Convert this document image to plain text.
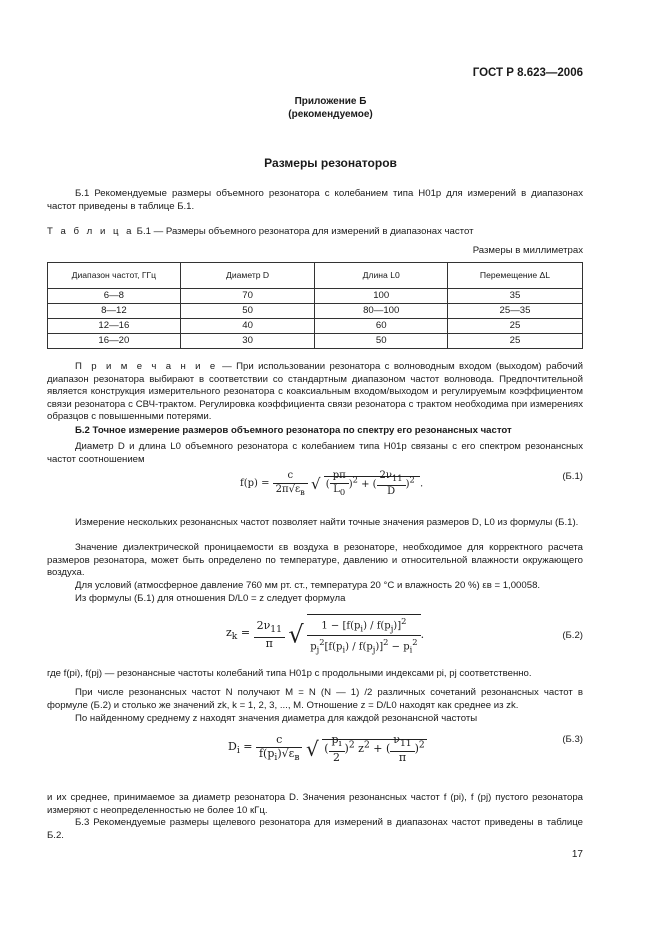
ГОСТ Р 8.623—2006
Приложение Б
(рекомендуемое)
Размеры резонаторов
Б.1 Рекомендуемые размеры объемного резонатора с колебанием типа H01p для измерений в диапазонах частот приведены в таблице Б.1.
Т а б л и ц а Б.1 — Размеры объемного резонатора для измерений в диапазонах частот
Размеры в миллиметрах
Диапазон частот, ГГц	Диаметр D	Длина L0	Перемещение ΔL
6—8	70	100	35
8—12	50	80—100	25—35
12—16	40	60	25
16—20	30	50	25
П р и м е ч а н и е — При использовании резонатора с волноводным входом (выходом) рабочий диапазон резонатора выбирают в соответствии со стандартным диапазоном частот волновода. Предпочтительной является конструкция измерительного резонатора с коаксиальным входом/выходом и регулируемым коэффициентом связи резонатора с СВЧ-трактом. Регулировка коэффициента связи резонатора с трактом необходима при измерениях образцов с повышенными потерями.
Б.2 Точное измерение размеров объемного резонатора по спектру его резонансных частот
Диаметр D и длина L0 объемного резонатора с колебанием типа H01p связаны с его спектром резонансных частот соотношением
$f(p) = \frac{c}{2\pi√\varepsilon_в}$ √ ( $\frac{p\pi}{L_0} )^2$ + ( $\frac{2\nu_{11}}{D} )^2$ .
(Б.1)
Измерение нескольких резонансных частот позволяет найти точные значения размеров D, L0 из формулы (Б.1).
Значение диэлектрической проницаемости εв воздуха в резонаторе, необходимое для корректного расчета размеров резонатора, может быть определено по температуре, давлению и относительной влажности окружающего воздуха.
Для условий (атмосферное давление 760 мм рт. ст., температура 20 °С и влажность 20 %) εв = 1,00058.
Из формулы (Б.1) для отношения D/L0 = z следует формула
$z_k = \frac{2\nu_{11}}{\pi}$ √ $\frac{1 - [f(p_i) / f(p_j)]^2}{p_j^2[f(p_i) / f(p_j)]^2 - p_i^2}$ .	(Б.2)
где f(pi), f(pj) — резонансные частоты колебаний типа H01p с продольными индексами pi, pj соответственно.
При числе резонансных частот N получают M = N (N — 1) /2 различных сочетаний резонансных частот в формуле (Б.2) и столько же значений zk, k = 1, 2, 3, ..., M. Отношение z = D/L0 находят как среднее из zk.
По найденному среднему z находят значения диаметра для каждой резонансной частоты
$D_i = \frac{c}{f(p_i)√\varepsilon_в}$ √ ( $\frac{p_i}{2} )^2$ $z^2$ + ( $\frac{\nu_{11}}{\pi} )^2$
(Б.3)
и их среднее, принимаемое за диаметр резонатора D. Значения резонансных частот f (pi), f (pj) пустого резонатора измеряют с неопределенностью не более 10 кГц.
Б.3 Рекомендуемые размеры щелевого резонатора для измерений в диапазонах частот приведены в таблице Б.2.
17
